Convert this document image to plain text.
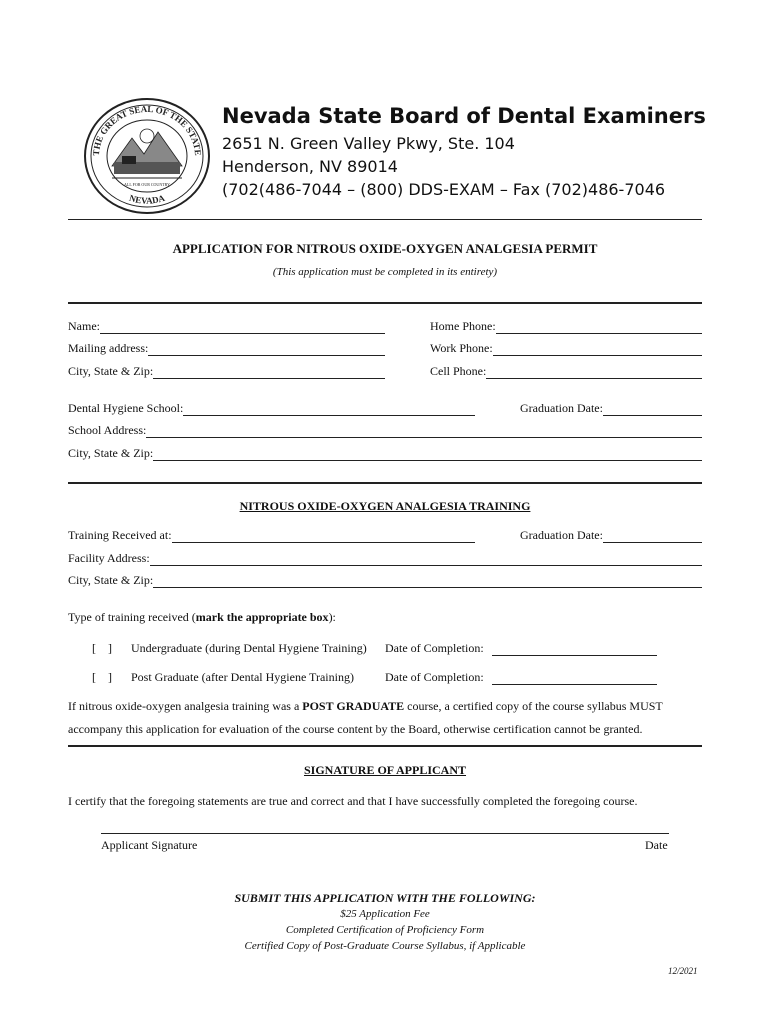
THE GREAT SEAL OF THE STATE
NEVADA
ALL FOR OUR COUNTRY
Nevada State Board of Dental Examiners
2651 N. Green Valley Pkwy, Ste. 104
Henderson, NV 89014
(702(486-7044 – (800) DDS-EXAM – Fax (702)486-7046
APPLICATION FOR NITROUS OXIDE-OXYGEN ANALGESIA PERMIT
(This application must be completed in its entirety)
Name:	Home Phone:
Mailing address:	Work Phone:
City, State & Zip:	Cell Phone:
Dental Hygiene School:	Graduation Date:
School Address:
City, State & Zip:
NITROUS OXIDE-OXYGEN ANALGESIA TRAINING
Training Received at:	Graduation Date:
Facility Address:
City, State & Zip:
Type of training received (mark the appropriate box):
[    ] Undergraduate (during Dental Hygiene Training) Date of Completion:
[    ] Post Graduate (after Dental Hygiene Training)	Date of Completion:
If nitrous oxide-oxygen analgesia training was a POST GRADUATE course, a certified copy of the course syllabus MUST
accompany this application for evaluation of the course content by the Board, otherwise certification cannot be granted.
SIGNATURE OF APPLICANT
I certify that the foregoing statements are true and correct and that I have successfully completed the foregoing course.
Applicant Signature	Date
SUBMIT THIS APPLICATION WITH THE FOLLOWING:
$25 Application Fee
Completed Certification of Proficiency Form
Certified Copy of Post-Graduate Course Syllabus, if Applicable
12/2021
